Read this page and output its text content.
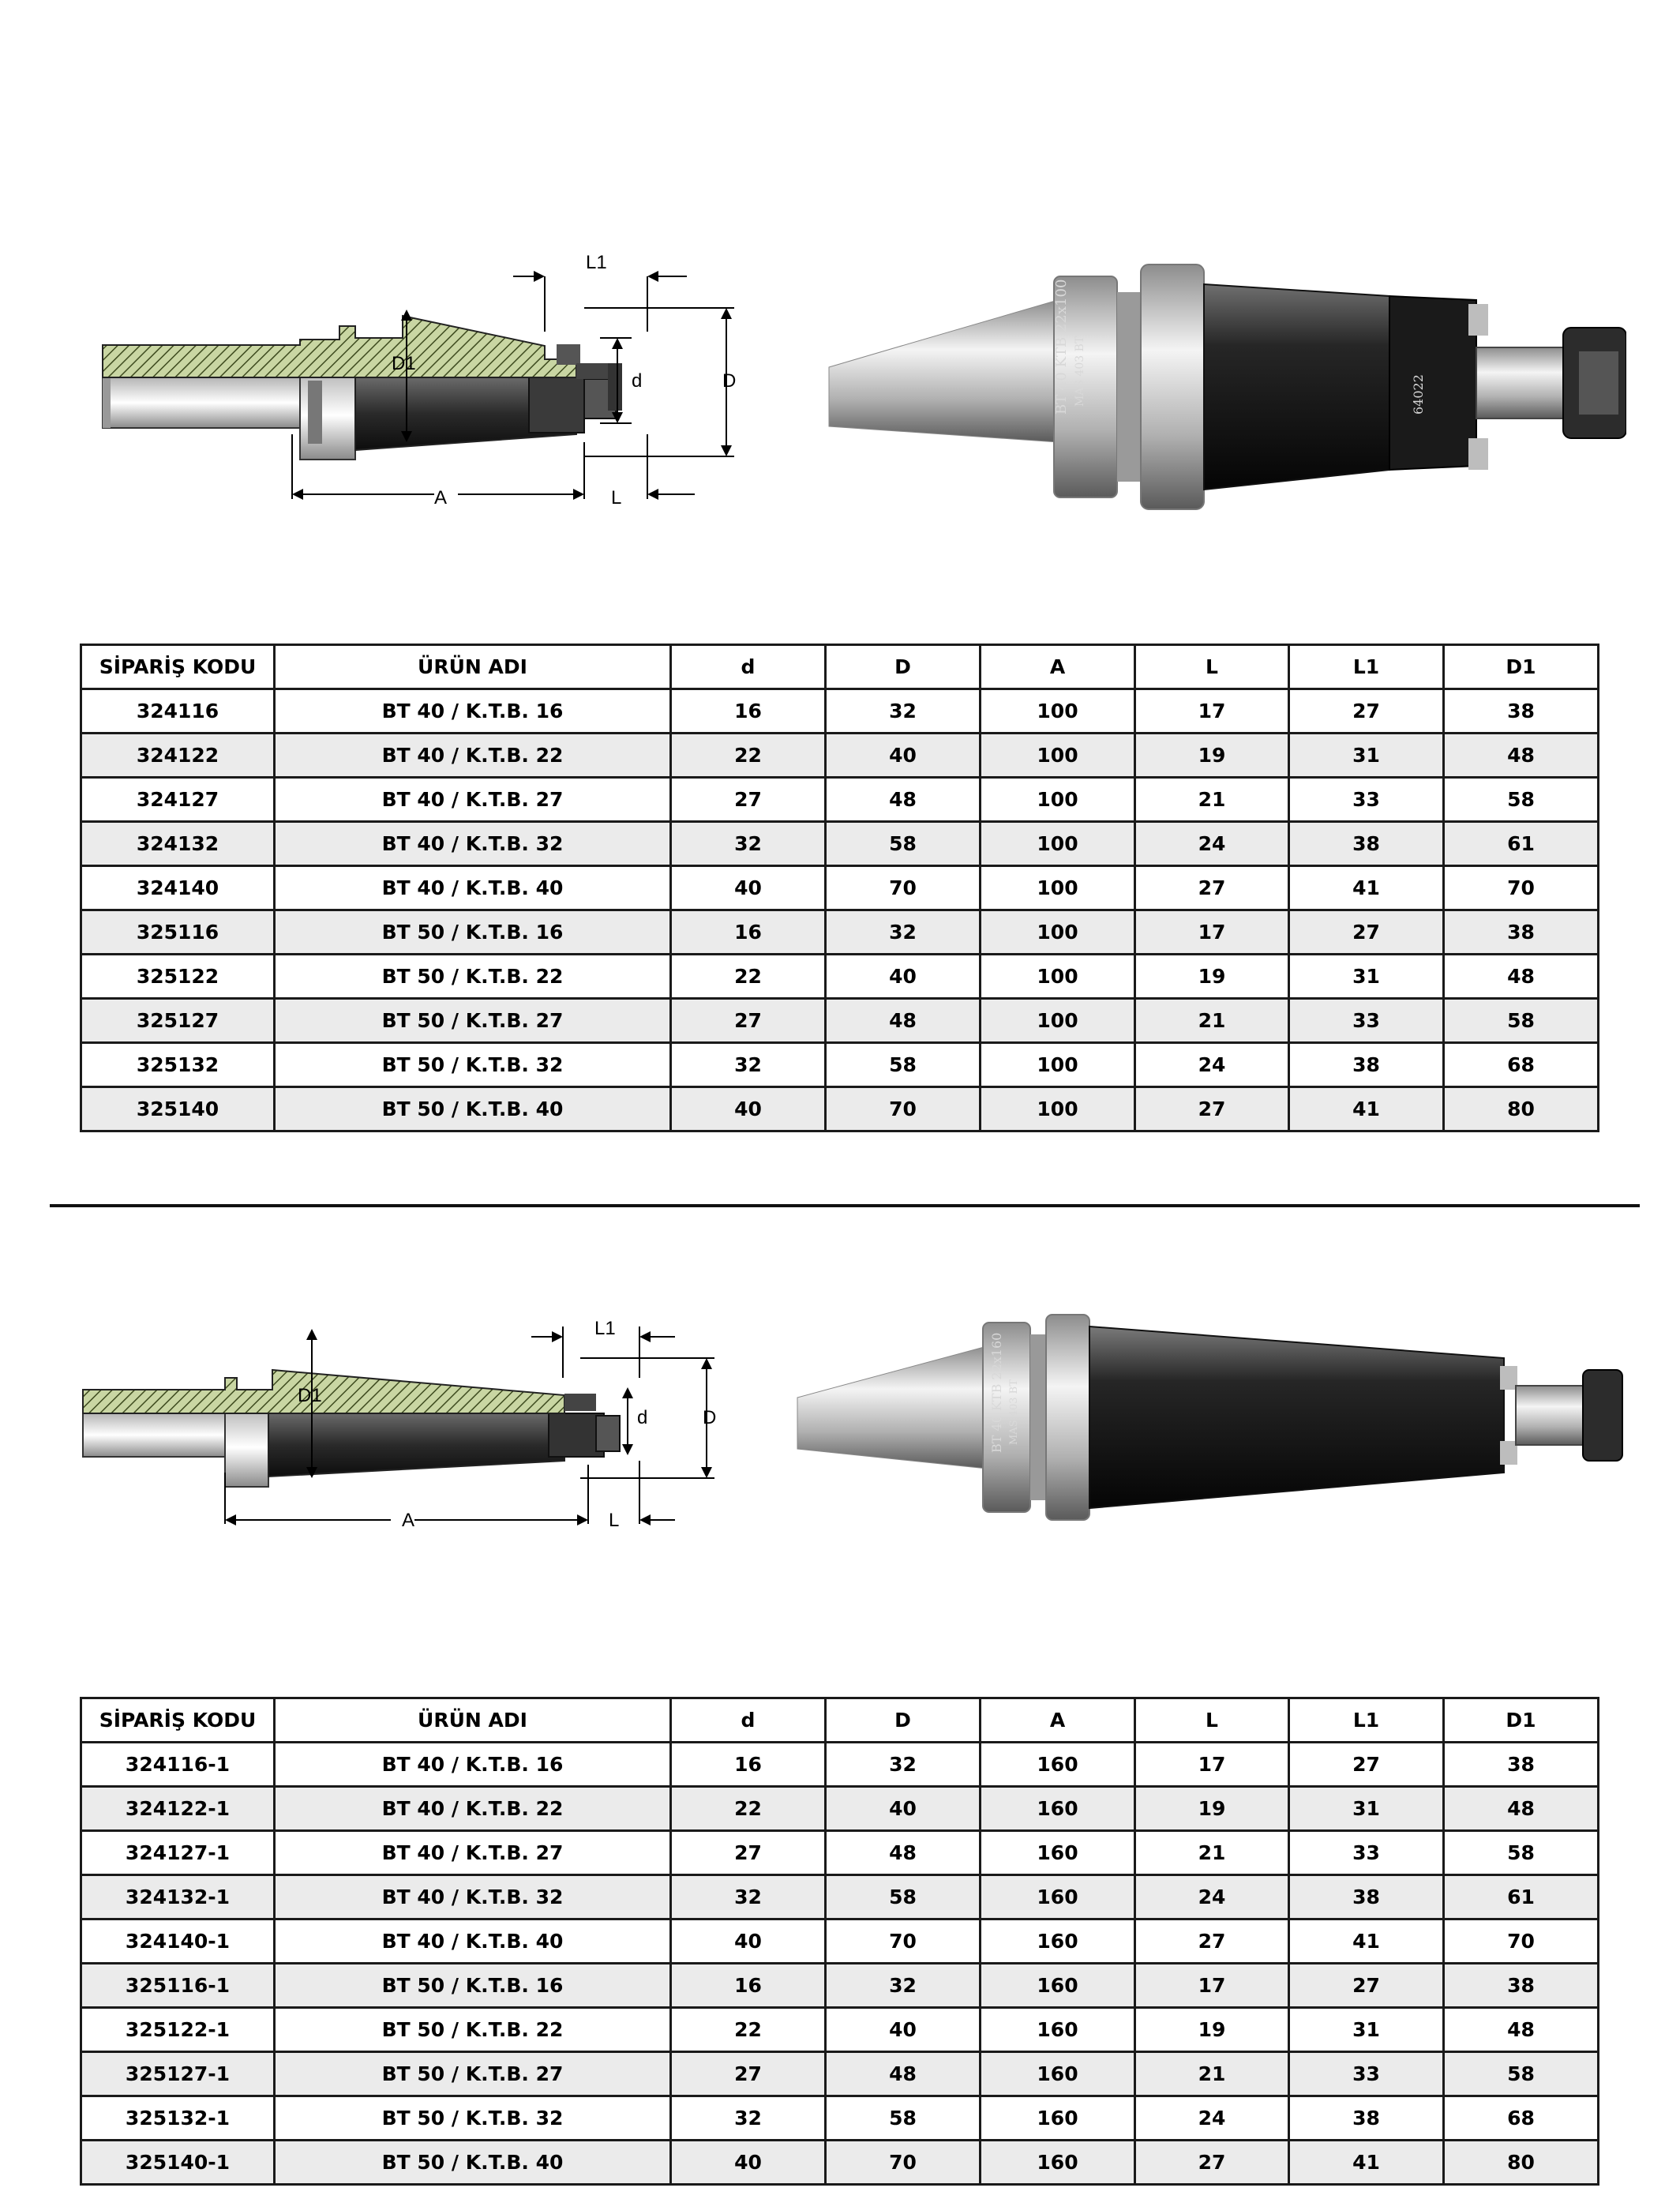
D1
d	D
L1
A	L
BT 40 KTB 22x100 MAS 403 BT	64022
SİPARİŞ KODU	ÜRÜN ADI	d	D	A	L	L1	D1
324116	BT 40 / K.T.B. 16	16	32	100	17	27	38
324122	BT 40 / K.T.B. 22	22	40	100	19	31	48
324127	BT 40 / K.T.B. 27	27	48	100	21	33	58
324132	BT 40 / K.T.B. 32	32	58	100	24	38	61
324140	BT 40 / K.T.B. 40	40	70	100	27	41	70
325116	BT 50 / K.T.B. 16	16	32	100	17	27	38
325122	BT 50 / K.T.B. 22	22	40	100	19	31	48
325127	BT 50 / K.T.B. 27	27	48	100	21	33	58
325132	BT 50 / K.T.B. 32	32	58	100	24	38	68
325140	BT 50 / K.T.B. 40	40	70	100	27	41	80
D1
d	D
L1
A	L
BT 40 KTB 22x160 MAS 403 BT
SİPARİŞ KODU	ÜRÜN ADI	d	D	A	L	L1	D1
324116-1	BT 40 / K.T.B. 16	16	32	160	17	27	38
324122-1	BT 40 / K.T.B. 22	22	40	160	19	31	48
324127-1	BT 40 / K.T.B. 27	27	48	160	21	33	58
324132-1	BT 40 / K.T.B. 32	32	58	160	24	38	61
324140-1	BT 40 / K.T.B. 40	40	70	160	27	41	70
325116-1	BT 50 / K.T.B. 16	16	32	160	17	27	38
325122-1	BT 50 / K.T.B. 22	22	40	160	19	31	48
325127-1	BT 50 / K.T.B. 27	27	48	160	21	33	58
325132-1	BT 50 / K.T.B. 32	32	58	160	24	38	68
325140-1	BT 50 / K.T.B. 40	40	70	160	27	41	80
